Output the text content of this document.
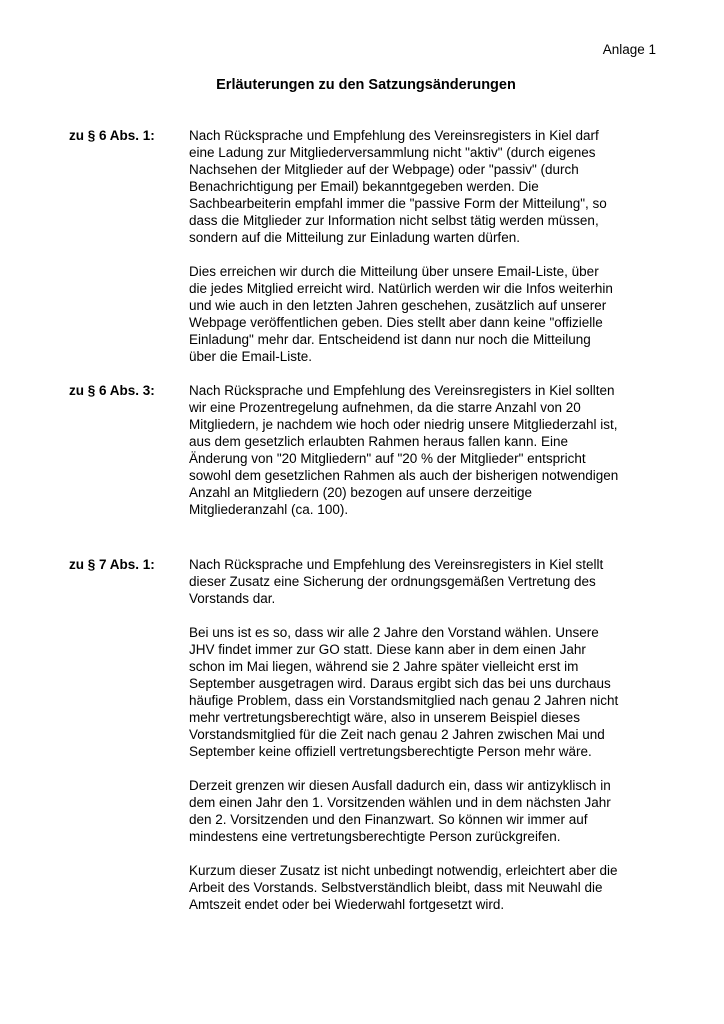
Anlage 1
Erläuterungen zu den Satzungsänderungen
zu § 6 Abs. 1:	Nach Rücksprache und Empfehlung des Vereinsregisters in Kiel darf
eine Ladung zur Mitgliederversammlung nicht "aktiv" (durch eigenes
Nachsehen der Mitglieder auf der Webpage) oder "passiv" (durch
Benachrichtigung per Email) bekanntgegeben werden. Die
Sachbearbeiterin empfahl immer die "passive Form der Mitteilung", so
dass die Mitglieder zur Information nicht selbst tätig werden müssen,
sondern auf die Mitteilung zur Einladung warten dürfen.

Dies erreichen wir durch die Mitteilung über unsere Email-Liste, über
die jedes Mitglied erreicht wird. Natürlich werden wir die Infos weiterhin
und wie auch in den letzten Jahren geschehen, zusätzlich auf unserer
Webpage veröffentlichen geben. Dies stellt aber dann keine "offizielle
Einladung" mehr dar. Entscheidend ist dann nur noch die Mitteilung
über die Email-Liste.

zu § 6 Abs. 3:	Nach Rücksprache und Empfehlung des Vereinsregisters in Kiel sollten
wir eine Prozentregelung aufnehmen, da die starre Anzahl von 20
Mitgliedern, je nachdem wie hoch oder niedrig unsere Mitgliederzahl ist,
aus dem gesetzlich erlaubten Rahmen heraus fallen kann. Eine
Änderung von "20 Mitgliedern" auf "20 % der Mitglieder" entspricht
sowohl dem gesetzlichen Rahmen als auch der bisherigen notwendigen
Anzahl an Mitgliedern (20) bezogen auf unsere derzeitige
Mitgliederanzahl (ca. 100).

zu § 7 Abs. 1:	Nach Rücksprache und Empfehlung des Vereinsregisters in Kiel stellt
dieser Zusatz eine Sicherung der ordnungsgemäßen Vertretung des
Vorstands dar.

Bei uns ist es so, dass wir alle 2 Jahre den Vorstand wählen. Unsere
JHV findet immer zur GO statt. Diese kann aber in dem einen Jahr
schon im Mai liegen, während sie 2 Jahre später vielleicht erst im
September ausgetragen wird. Daraus ergibt sich das bei uns durchaus
häufige Problem, dass ein Vorstandsmitglied nach genau 2 Jahren nicht
mehr vertretungsberechtigt wäre, also in unserem Beispiel dieses
Vorstandsmitglied für die Zeit nach genau 2 Jahren zwischen Mai und
September keine offiziell vertretungsberechtigte Person mehr wäre.

Derzeit grenzen wir diesen Ausfall dadurch ein, dass wir antizyklisch in
dem einen Jahr den 1. Vorsitzenden wählen und in dem nächsten Jahr
den 2. Vorsitzenden und den Finanzwart. So können wir immer auf
mindestens eine vertretungsberechtigte Person zurückgreifen.

Kurzum dieser Zusatz ist nicht unbedingt notwendig, erleichtert aber die
Arbeit des Vorstands. Selbstverständlich bleibt, dass mit Neuwahl die
Amtszeit endet oder bei Wiederwahl fortgesetzt wird.
